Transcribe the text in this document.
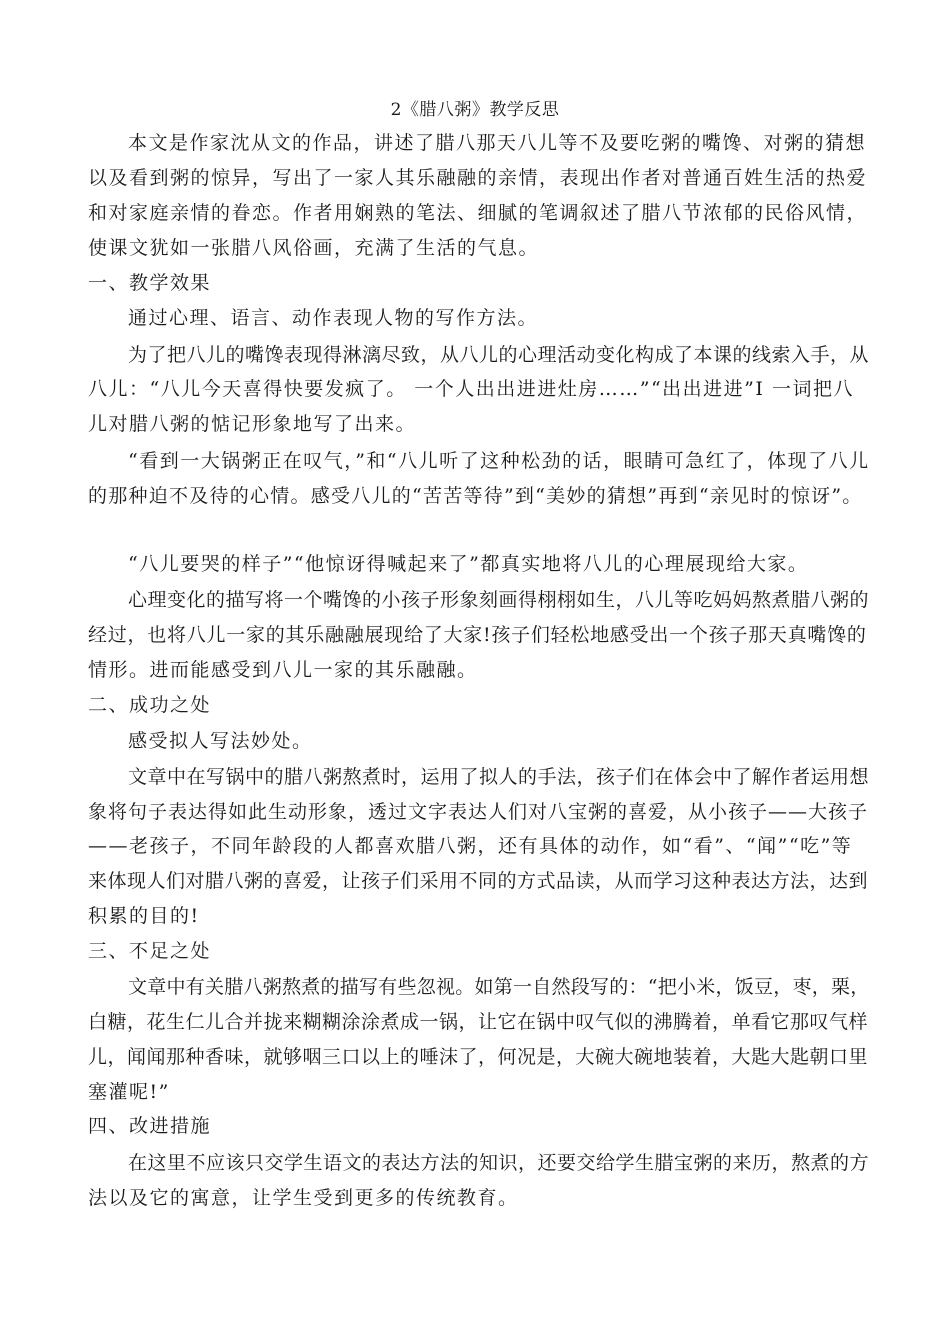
2《腊八粥》教学反思
本文是作家沈从文的作品，讲述了腊八那天八儿等不及要吃粥的嘴馋、对粥的猜想
以及看到粥的惊异，写出了一家人其乐融融的亲情，表现出作者对普通百姓生活的热爱
和对家庭亲情的眷恋。作者用娴熟的笔法、细腻的笔调叙述了腊八节浓郁的民俗风情，
使课文犹如一张腊八风俗画，充满了生活的气息。
一、教学效果
通过心理、语言、动作表现人物的写作方法。
为了把八儿的嘴馋表现得淋漓尽致，从八儿的心理活动变化构成了本课的线索入手，从
八儿：“八儿今天喜得快要发疯了。 一个人出出进进灶房……”“出出进进”I 一词把八
儿对腊八粥的惦记形象地写了出来。
“看到一大锅粥正在叹气，”和“八儿听了这种松劲的话，眼睛可急红了，体现了八儿
的那种迫不及待的心情。感受八儿的“苦苦等待”到“美妙的猜想”再到“亲见时的惊讶”。
“八儿要哭的样子”“他惊讶得喊起来了”都真实地将八儿的心理展现给大家。
心理变化的描写将一个嘴馋的小孩子形象刻画得栩栩如生，八儿等吃妈妈熬煮腊八粥的
经过，也将八儿一家的其乐融融展现给了大家!孩子们轻松地感受出一个孩子那天真嘴馋的
情形。进而能感受到八儿一家的其乐融融。
二、成功之处
感受拟人写法妙处。
文章中在写锅中的腊八粥熬煮时，运用了拟人的手法，孩子们在体会中了解作者运用想
象将句子表达得如此生动形象，透过文字表达人们对八宝粥的喜爱，从小孩子——大孩子
——老孩子，不同年龄段的人都喜欢腊八粥，还有具体的动作，如“看”、“闻”“吃”等
来体现人们对腊八粥的喜爱，让孩子们采用不同的方式品读，从而学习这种表达方法，达到
积累的目的!
三、不足之处
文章中有关腊八粥熬煮的描写有些忽视。如第一自然段写的：“把小米，饭豆，枣，栗，
白糖，花生仁儿合并拢来糊糊涂涂煮成一锅，让它在锅中叹气似的沸腾着，单看它那叹气样
儿，闻闻那种香味，就够咽三口以上的唾沫了，何况是，大碗大碗地装着，大匙大匙朝口里
塞灌呢!”
四、改进措施
在这里不应该只交学生语文的表达方法的知识，还要交给学生腊宝粥的来历，熬煮的方
法以及它的寓意，让学生受到更多的传统教育。
